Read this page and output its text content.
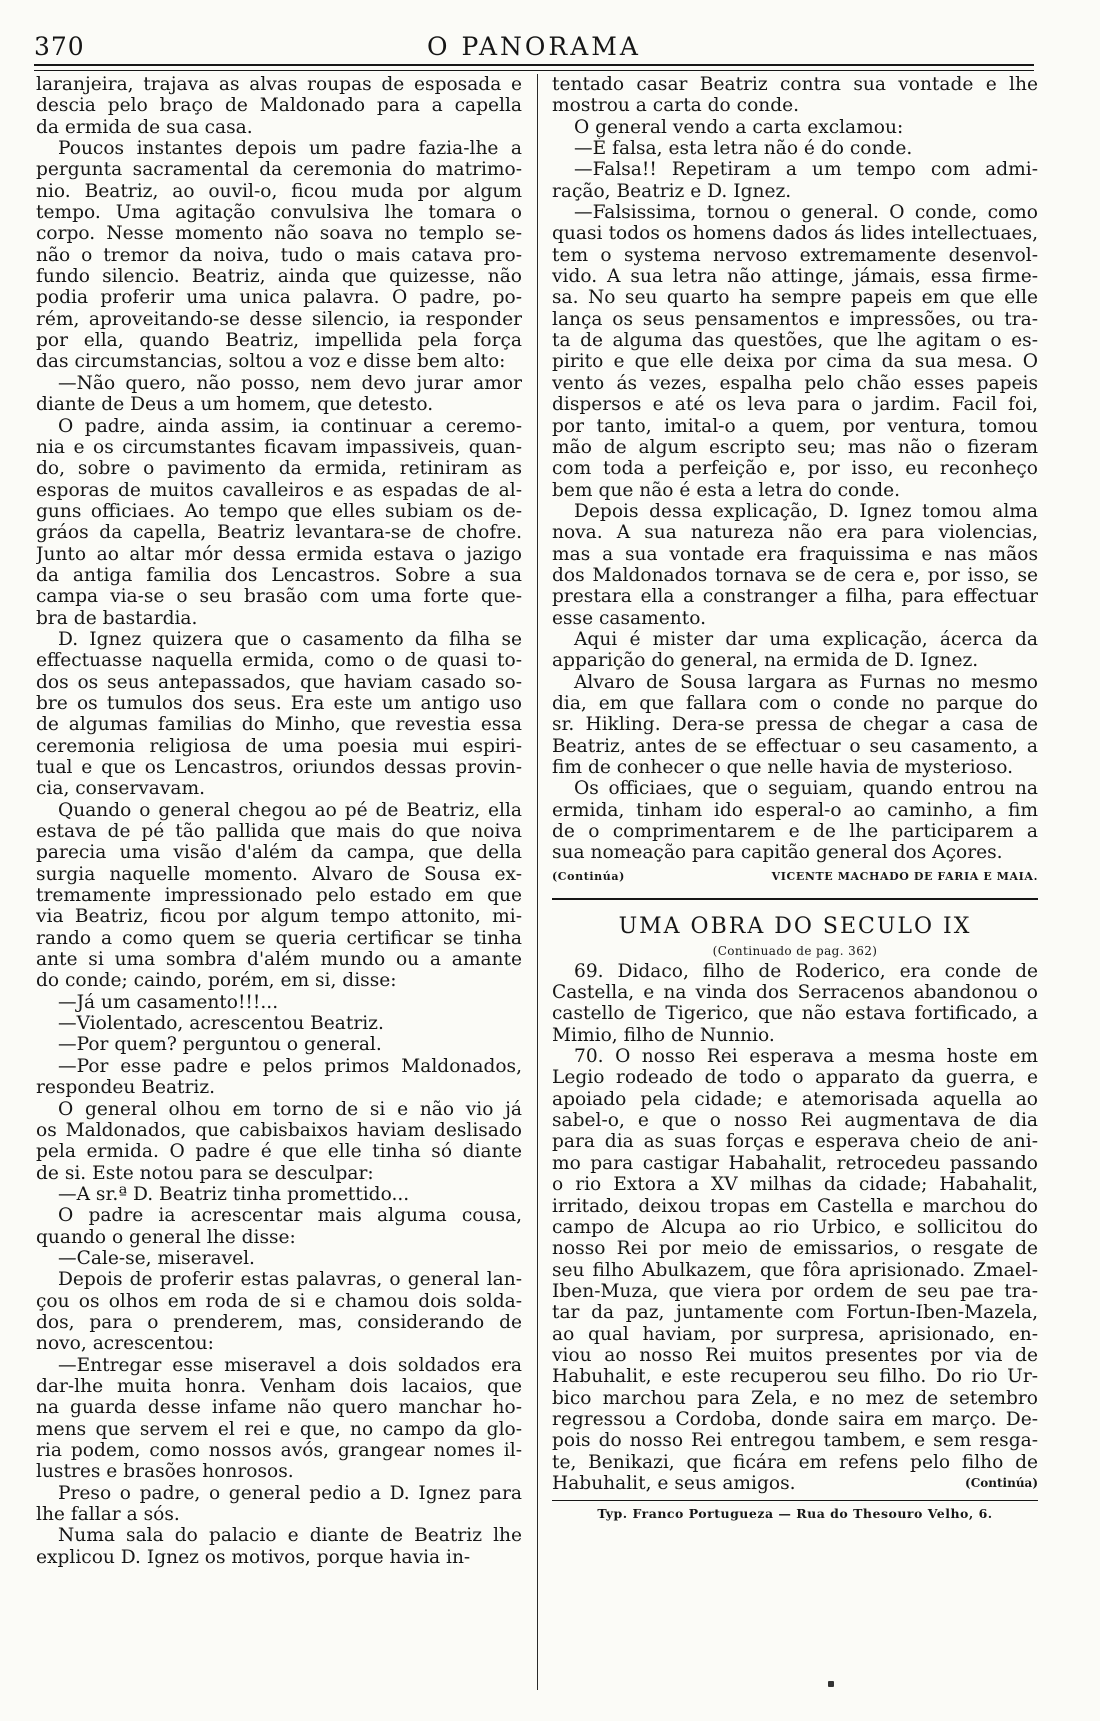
370	O PANORAMA
laranjeira, trajava as alvas roupas de esposada e
descia pelo braço de Maldonado para a capella
da ermida de sua casa.
Poucos instantes depois um padre fazia-lhe a
pergunta sacramental da ceremonia do matrimo-
nio. Beatriz, ao ouvil-o, ficou muda por algum
tempo. Uma agitação convulsiva lhe tomara o
corpo. Nesse momento não soava no templo se-
não o tremor da noiva, tudo o mais catava pro-
fundo silencio. Beatriz, ainda que quizesse, não
podia proferir uma unica palavra. O padre, po-
rém, aproveitando-se desse silencio, ia responder
por ella, quando Beatriz, impellida pela força
das circumstancias, soltou a voz e disse bem alto:
—Não quero, não posso, nem devo jurar amor
diante de Deus a um homem, que detesto.
O padre, ainda assim, ia continuar a ceremo-
nia e os circumstantes ficavam impassiveis, quan-
do, sobre o pavimento da ermida, retiniram as
esporas de muitos cavalleiros e as espadas de al-
guns officiaes. Ao tempo que elles subiam os de-
gráos da capella, Beatriz levantara-se de chofre.
Junto ao altar mór dessa ermida estava o jazigo
da antiga familia dos Lencastros. Sobre a sua
campa via-se o seu brasão com uma forte que-
bra de bastardia.
D. Ignez quizera que o casamento da filha se
effectuasse naquella ermida, como o de quasi to-
dos os seus antepassados, que haviam casado so-
bre os tumulos dos seus. Era este um antigo uso
de algumas familias do Minho, que revestia essa
ceremonia religiosa de uma poesia mui espiri-
tual e que os Lencastros, oriundos dessas provin-
cia, conservavam.
Quando o general chegou ao pé de Beatriz, ella
estava de pé tão pallida que mais do que noiva
parecia uma visão d'além da campa, que della
surgia naquelle momento. Alvaro de Sousa ex-
tremamente impressionado pelo estado em que
via Beatriz, ficou por algum tempo attonito, mi-
rando a como quem se queria certificar se tinha
ante si uma sombra d'além mundo ou a amante
do conde; caindo, porém, em si, disse:
—Já um casamento!!!...
—Violentado, acrescentou Beatriz.
—Por quem? perguntou o general.
—Por esse padre e pelos primos Maldonados,
respondeu Beatriz.
O general olhou em torno de si e não vio já
os Maldonados, que cabisbaixos haviam deslisado
pela ermida. O padre é que elle tinha só diante
de si. Este notou para se desculpar:
—A sr.ª D. Beatriz tinha promettido...
O padre ia acrescentar mais alguma cousa,
quando o general lhe disse:
—Cale-se, miseravel.
Depois de proferir estas palavras, o general lan-
çou os olhos em roda de si e chamou dois solda-
dos, para o prenderem, mas, considerando de
novo, acrescentou:
—Entregar esse miseravel a dois soldados era
dar-lhe muita honra. Venham dois lacaios, que
na guarda desse infame não quero manchar ho-
mens que servem el rei e que, no campo da glo-
ria podem, como nossos avós, grangear nomes il-
lustres e brasões honrosos.
Preso o padre, o general pedio a D. Ignez para
lhe fallar a sós.
Numa sala do palacio e diante de Beatriz lhe
explicou D. Ignez os motivos, porque havia in-
tentado casar Beatriz contra sua vontade e lhe
mostrou a carta do conde.
O general vendo a carta exclamou:
—É falsa, esta letra não é do conde.
—Falsa!! Repetiram a um tempo com admi-
ração, Beatriz e D. Ignez.
—Falsissima, tornou o general. O conde, como
quasi todos os homens dados ás lides intellectuaes,
tem o systema nervoso extremamente desenvol-
vido. A sua letra não attinge, jámais, essa firme-
sa. No seu quarto ha sempre papeis em que elle
lança os seus pensamentos e impressões, ou tra-
ta de alguma das questões, que lhe agitam o es-
pirito e que elle deixa por cima da sua mesa. O
vento ás vezes, espalha pelo chão esses papeis
dispersos e até os leva para o jardim. Facil foi,
por tanto, imital-o a quem, por ventura, tomou
mão de algum escripto seu; mas não o fizeram
com toda a perfeição e, por isso, eu reconheço
bem que não é esta a letra do conde.
Depois dessa explicação, D. Ignez tomou alma
nova. A sua natureza não era para violencias,
mas a sua vontade era fraquissima e nas mãos
dos Maldonados tornava se de cera e, por isso, se
prestara ella a constranger a filha, para effectuar
esse casamento.
Aqui é mister dar uma explicação, ácerca da
apparição do general, na ermida de D. Ignez.
Alvaro de Sousa largara as Furnas no mesmo
dia, em que fallara com o conde no parque do
sr. Hikling. Dera-se pressa de chegar a casa de
Beatriz, antes de se effectuar o seu casamento, a
fim de conhecer o que nelle havia de mysterioso.
Os officiaes, que o seguiam, quando entrou na
ermida, tinham ido esperal-o ao caminho, a fim
de o comprimentarem e de lhe participarem a
sua nomeação para capitão general dos Açores.
(Continúa)	VICENTE MACHADO DE FARIA E MAIA.
UMA OBRA DO SECULO IX
(Continuado de pag. 362)
69. Didaco, filho de Roderico, era conde de
Castella, e na vinda dos Serracenos abandonou o
castello de Tigerico, que não estava fortificado, a
Mimio, filho de Nunnio.
70. O nosso Rei esperava a mesma hoste em
Legio rodeado de todo o apparato da guerra, e
apoiado pela cidade; e atemorisada aquella ao
sabel-o, e que o nosso Rei augmentava de dia
para dia as suas forças e esperava cheio de ani-
mo para castigar Habahalit, retrocedeu passando
o rio Extora a XV milhas da cidade; Habahalit,
irritado, deixou tropas em Castella e marchou do
campo de Alcupa ao rio Urbico, e sollicitou do
nosso Rei por meio de emissarios, o resgate de
seu filho Abulkazem, que fôra aprisionado. Zmael-
Iben-Muza, que viera por ordem de seu pae tra-
tar da paz, juntamente com Fortun-Iben-Mazela,
ao qual haviam, por surpresa, aprisionado, en-
viou ao nosso Rei muitos presentes por via de
Habuhalit, e este recuperou seu filho. Do rio Ur-
bico marchou para Zela, e no mez de setembro
regressou a Cordoba, donde saira em março. De-
pois do nosso Rei entregou tambem, e sem resga-
te, Benikazi, que ficára em refens pelo filho de
Habuhalit, e seus amigos.	(Continúa)
Typ. Franco Portugueza — Rua do Thesouro Velho, 6.
